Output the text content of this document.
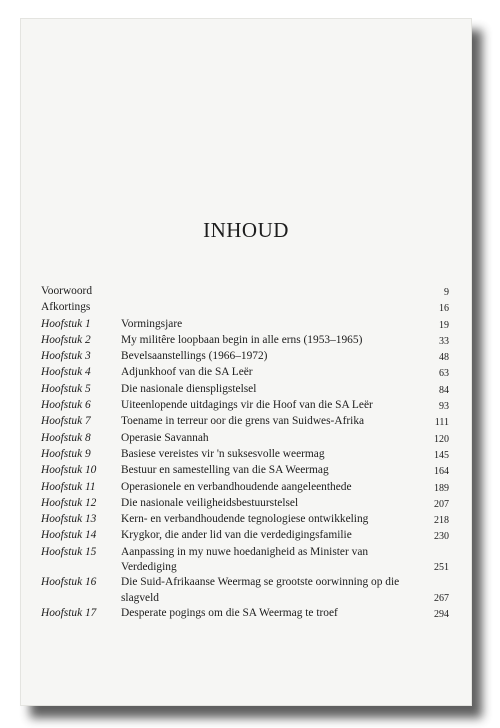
INHOUD
Voorwoord	9
Afkortings	16
Hoofstuk 1	Vormingsjare	19
Hoofstuk 2	My militêre loopbaan begin in alle erns (1953–1965)	33
Hoofstuk 3	Bevelsaanstellings (1966–1972)	48
Hoofstuk 4	Adjunkhoof van die SA Leër	63
Hoofstuk 5	Die nasionale dienspligstelsel	84
Hoofstuk 6	Uiteenlopende uitdagings vir die Hoof van die SA Leër	93
Hoofstuk 7	Toename in terreur oor die grens van Suidwes-Afrika	111
Hoofstuk 8	Operasie Savannah	120
Hoofstuk 9	Basiese vereistes vir 'n suksesvolle weermag	145
Hoofstuk 10	Bestuur en samestelling van die SA Weermag	164
Hoofstuk 11	Operasionele en verbandhoudende aangeleenthede	189
Hoofstuk 12	Die nasionale veiligheidsbestuurstelsel	207
Hoofstuk 13	Kern- en verbandhoudende tegnologiese ontwikkeling	218
Hoofstuk 14	Krygkor, die ander lid van die verdedigingsfamilie	230
Hoofstuk 15	Aanpassing in my nuwe hoedanigheid as Minister van Verdediging	251
Hoofstuk 16	Die Suid-Afrikaanse Weermag se grootste oorwinning op die slagveld	267
Hoofstuk 17	Desperate pogings om die SA Weermag te troef	294
